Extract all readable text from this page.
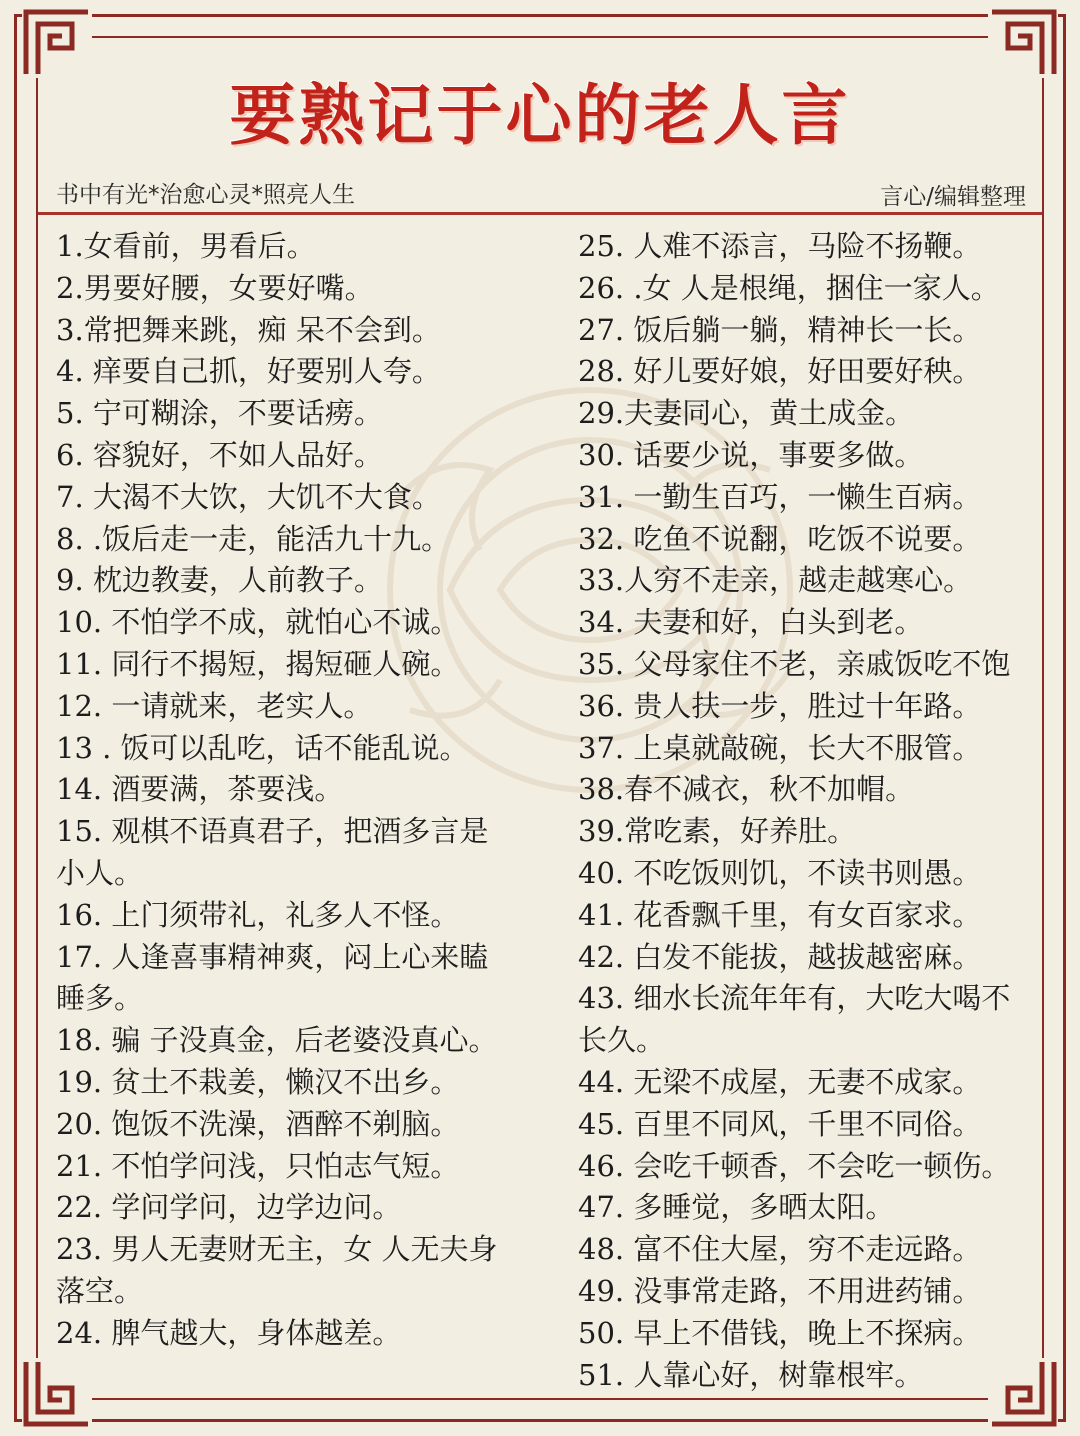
要熟记于心的老人言
书中有光*治愈心灵*照亮人生	言心/编辑整理
1.女看前，男看后。
2.男要好腰，女要好嘴。
3.常把舞来跳，痴 呆不会到。
4. 痒要自己抓，好要别人夸。
5. 宁可糊涂，不要话痨。
6. 容貌好，不如人品好。
7. 大渴不大饮，大饥不大食。
8. .饭后走一走，能活九十九。
9. 枕边教妻，人前教子。
10. 不怕学不成，就怕心不诚。
11. 同行不揭短，揭短砸人碗。
12. 一请就来，老实人。
13 . 饭可以乱吃，话不能乱说。
14. 酒要满，茶要浅。
15. 观棋不语真君子，把酒多言是
小人。
16. 上门须带礼，礼多人不怪。
17. 人逢喜事精神爽，闷上心来瞌
睡多。
18. 骗 子没真金，后老婆没真心。
19. 贫土不栽姜，懒汉不出乡。
20. 饱饭不洗澡，酒醉不剃脑。
21. 不怕学问浅，只怕志气短。
22. 学问学问，边学边问。
23. 男人无妻财无主，女 人无夫身
落空。
24. 脾气越大，身体越差。
25. 人难不添言，马险不扬鞭。
26. .女 人是根绳，捆住一家人。
27. 饭后躺一躺，精神长一长。
28. 好儿要好娘，好田要好秧。
29.夫妻同心，黄土成金。
30. 话要少说，事要多做。
31. 一勤生百巧，一懒生百病。
32. 吃鱼不说翻，吃饭不说要。
33.人穷不走亲，越走越寒心。
34. 夫妻和好，白头到老。
35. 父母家住不老，亲戚饭吃不饱
36. 贵人扶一步，胜过十年路。
37. 上桌就敲碗，长大不服管。
38.春不减衣，秋不加帽。
39.常吃素，好养肚。
40. 不吃饭则饥，不读书则愚。
41. 花香飘千里，有女百家求。
42. 白发不能拔，越拔越密麻。
43. 细水长流年年有，大吃大喝不
长久。
44. 无梁不成屋，无妻不成家。
45. 百里不同风，千里不同俗。
46. 会吃千顿香，不会吃一顿伤。
47. 多睡觉，多晒太阳。
48. 富不住大屋，穷不走远路。
49. 没事常走路，不用进药铺。
50. 早上不借钱，晚上不探病。
51. 人靠心好，树靠根牢。
